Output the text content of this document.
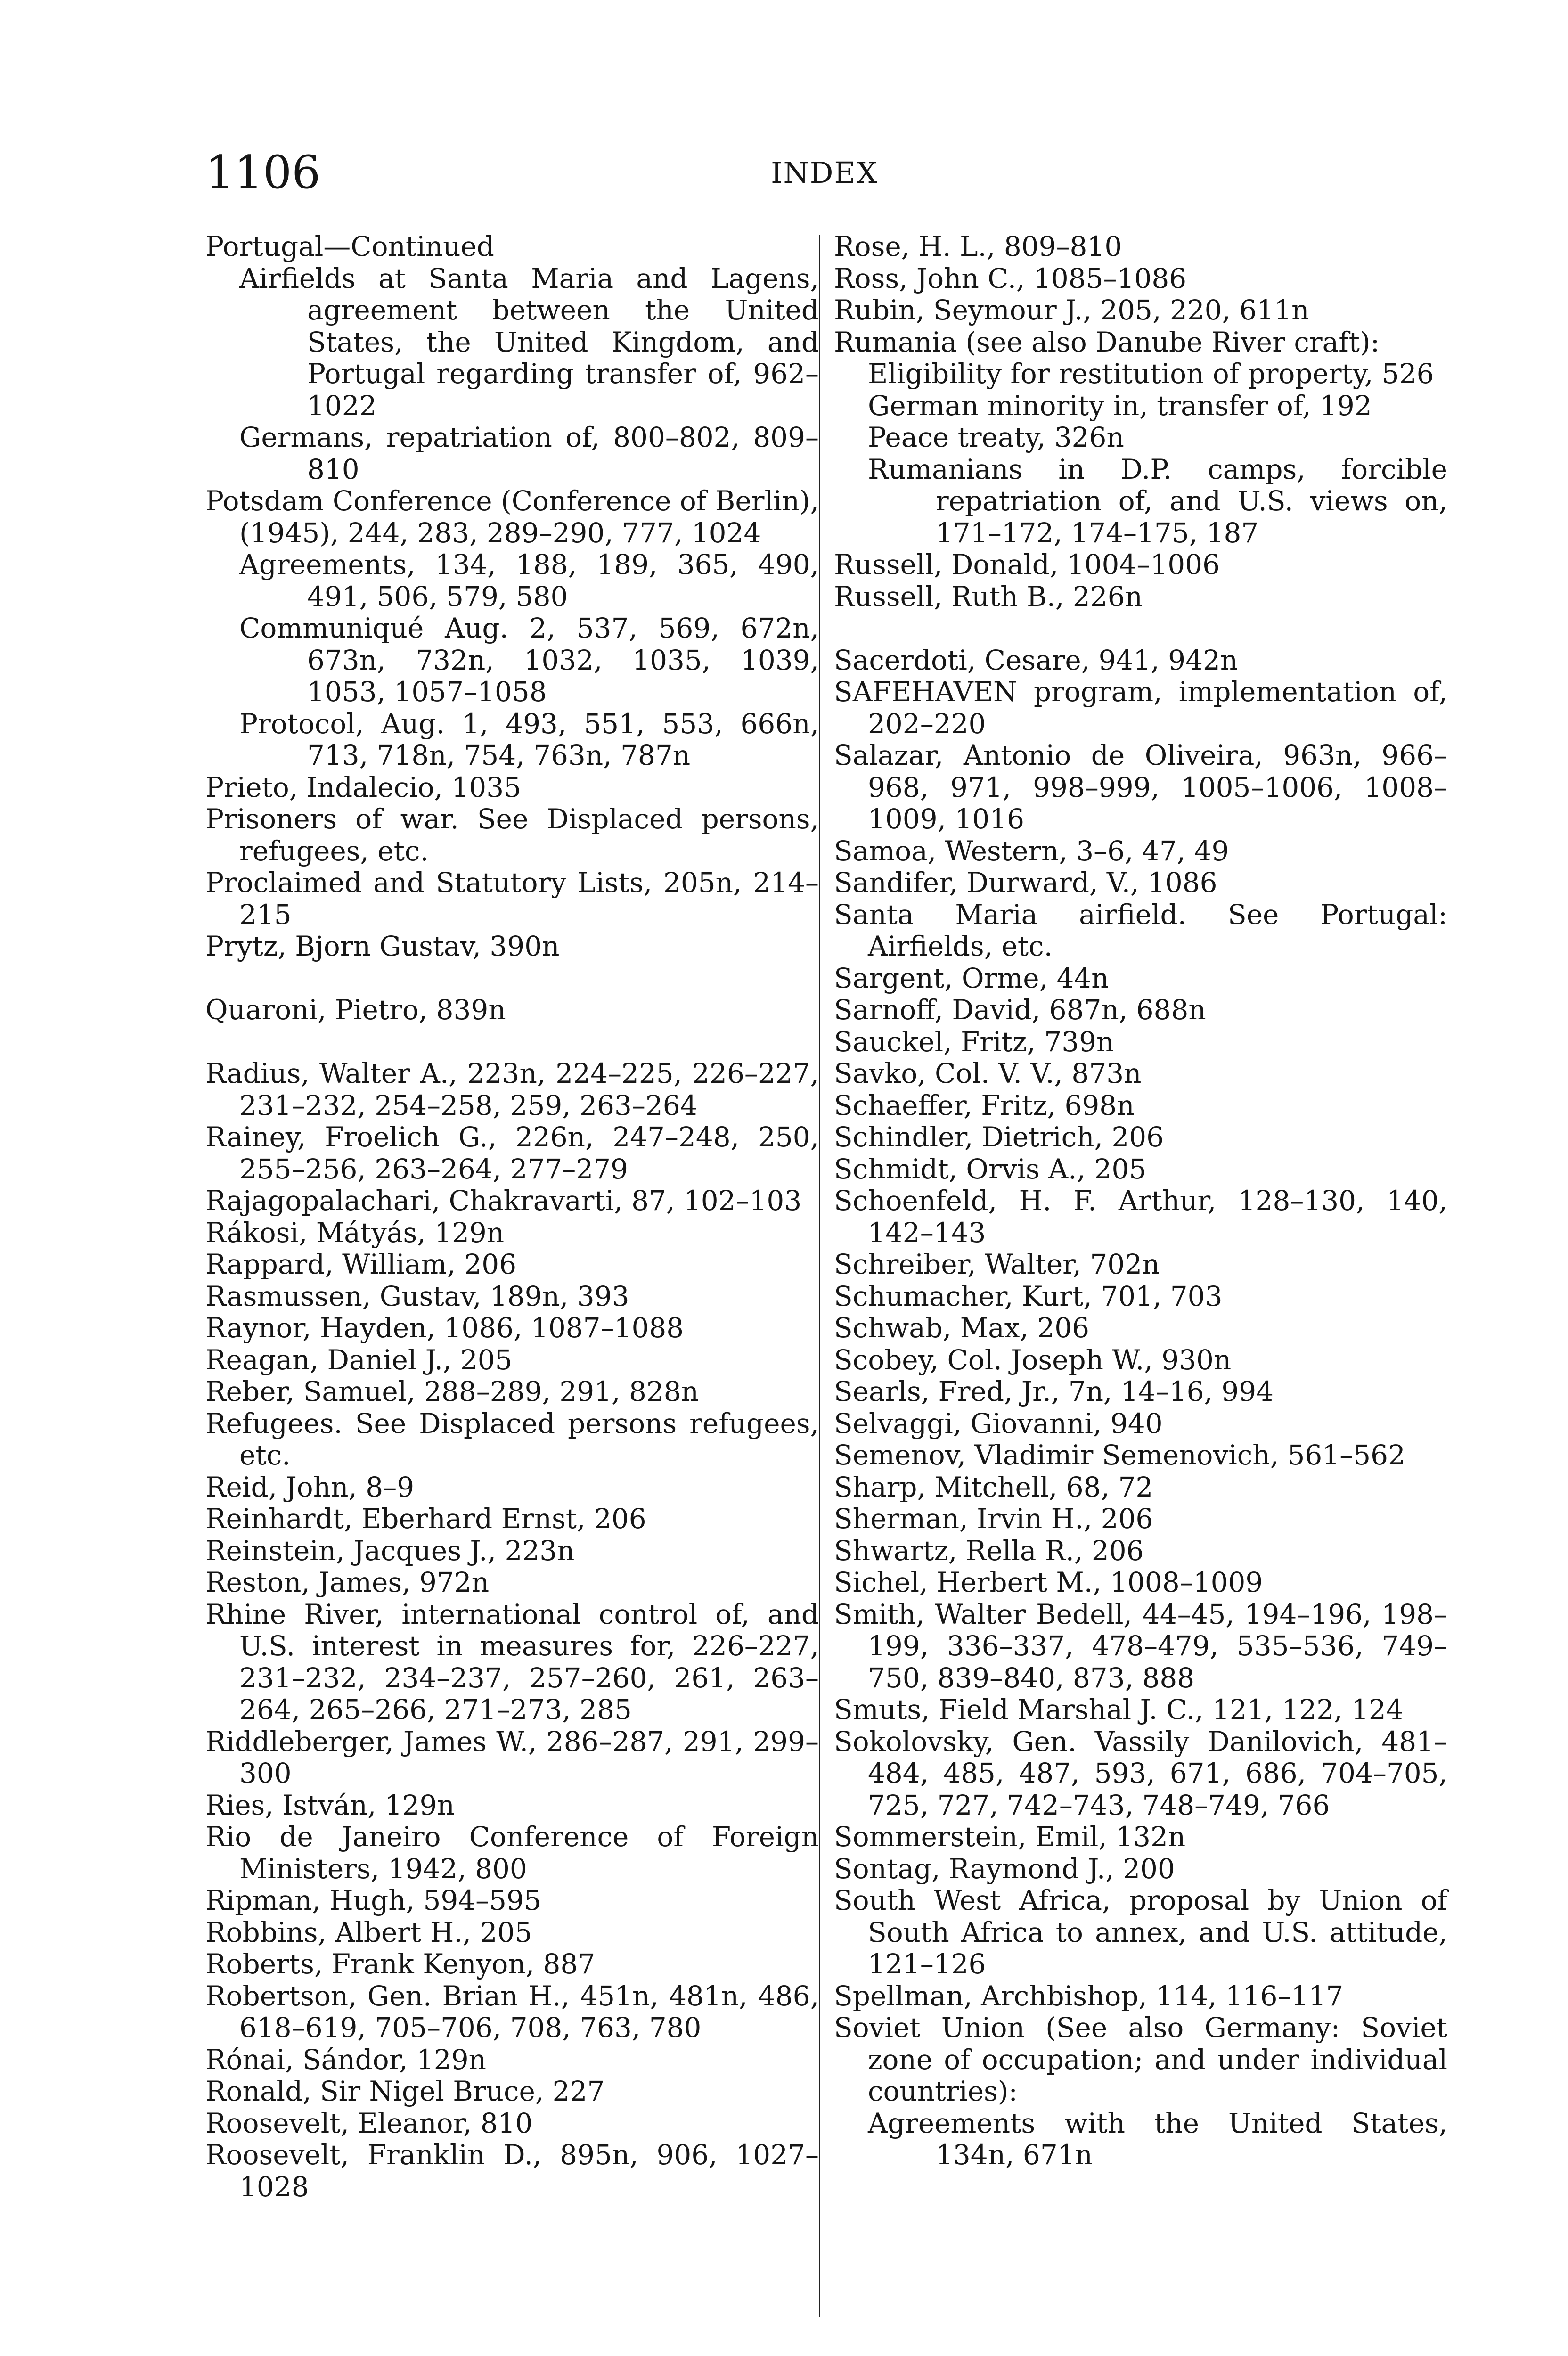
1106	INDEX

Portugal—Continued

Airfields at Santa Maria and Lagens, agreement between the United States, the United Kingdom, and Portugal regarding transfer of, 962–1022

Germans, repatriation of, 800–802, 809–810

Potsdam Conference (Conference of Berlin), (1945), 244, 283, 289–290, 777, 1024

Agreements, 134, 188, 189, 365, 490, 491, 506, 579, 580

Communiqué Aug. 2, 537, 569, 672n, 673n, 732n, 1032, 1035, 1039, 1053, 1057–1058

Protocol, Aug. 1, 493, 551, 553, 666n, 713, 718n, 754, 763n, 787n

Prieto, Indalecio, 1035

Prisoners of war. See Displaced persons, refugees, etc.

Proclaimed and Statutory Lists, 205n, 214–215

Prytz, Bjorn Gustav, 390n

Quaroni, Pietro, 839n

Radius, Walter A., 223n, 224–225, 226–227, 231–232, 254–258, 259, 263–264

Rainey, Froelich G., 226n, 247–248, 250, 255–256, 263–264, 277–279

Rajagopalachari, Chakravarti, 87, 102–103

Rákosi, Mátyás, 129n

Rappard, William, 206

Rasmussen, Gustav, 189n, 393

Raynor, Hayden, 1086, 1087–1088

Reagan, Daniel J., 205

Reber, Samuel, 288–289, 291, 828n

Refugees. See Displaced persons refugees, etc.

Reid, John, 8–9

Reinhardt, Eberhard Ernst, 206

Reinstein, Jacques J., 223n

Reston, James, 972n

Rhine River, international control of, and U.S. interest in measures for, 226–227, 231–232, 234–237, 257–260, 261, 263–264, 265–266, 271–273, 285

Riddleberger, James W., 286–287, 291, 299–300

Ries, István, 129n

Rio de Janeiro Conference of Foreign Ministers, 1942, 800

Ripman, Hugh, 594–595

Robbins, Albert H., 205

Roberts, Frank Kenyon, 887

Robertson, Gen. Brian H., 451n, 481n, 486, 618–619, 705–706, 708, 763, 780

Rónai, Sándor, 129n

Ronald, Sir Nigel Bruce, 227

Roosevelt, Eleanor, 810

Roosevelt, Franklin D., 895n, 906, 1027–1028

Rose, H. L., 809–810

Ross, John C., 1085–1086

Rubin, Seymour J., 205, 220, 611n

Rumania (see also Danube River craft):

Eligibility for restitution of property, 526

German minority in, transfer of, 192

Peace treaty, 326n

Rumanians in D.P. camps, forcible repatriation of, and U.S. views on, 171–172, 174–175, 187

Russell, Donald, 1004–1006

Russell, Ruth B., 226n

Sacerdoti, Cesare, 941, 942n

SAFEHAVEN program, implementation of, 202–220

Salazar, Antonio de Oliveira, 963n, 966–968, 971, 998–999, 1005–1006, 1008–1009, 1016

Samoa, Western, 3–6, 47, 49

Sandifer, Durward, V., 1086

Santa Maria airfield. See Portugal: Airfields, etc.

Sargent, Orme, 44n

Sarnoff, David, 687n, 688n

Sauckel, Fritz, 739n

Savko, Col. V. V., 873n

Schaeffer, Fritz, 698n

Schindler, Dietrich, 206

Schmidt, Orvis A., 205

Schoenfeld, H. F. Arthur, 128–130, 140, 142–143

Schreiber, Walter, 702n

Schumacher, Kurt, 701, 703

Schwab, Max, 206

Scobey, Col. Joseph W., 930n

Searls, Fred, Jr., 7n, 14–16, 994

Selvaggi, Giovanni, 940

Semenov, Vladimir Semenovich, 561–562

Sharp, Mitchell, 68, 72

Sherman, Irvin H., 206

Shwartz, Rella R., 206

Sichel, Herbert M., 1008–1009

Smith, Walter Bedell, 44–45, 194–196, 198–199, 336–337, 478–479, 535–536, 749–750, 839–840, 873, 888

Smuts, Field Marshal J. C., 121, 122, 124

Sokolovsky, Gen. Vassily Danilovich, 481–484, 485, 487, 593, 671, 686, 704–705, 725, 727, 742–743, 748–749, 766

Sommerstein, Emil, 132n

Sontag, Raymond J., 200

South West Africa, proposal by Union of South Africa to annex, and U.S. attitude, 121–126

Spellman, Archbishop, 114, 116–117

Soviet Union (See also Germany: Soviet zone of occupation; and under individual countries):

Agreements with the United States, 134n, 671n
